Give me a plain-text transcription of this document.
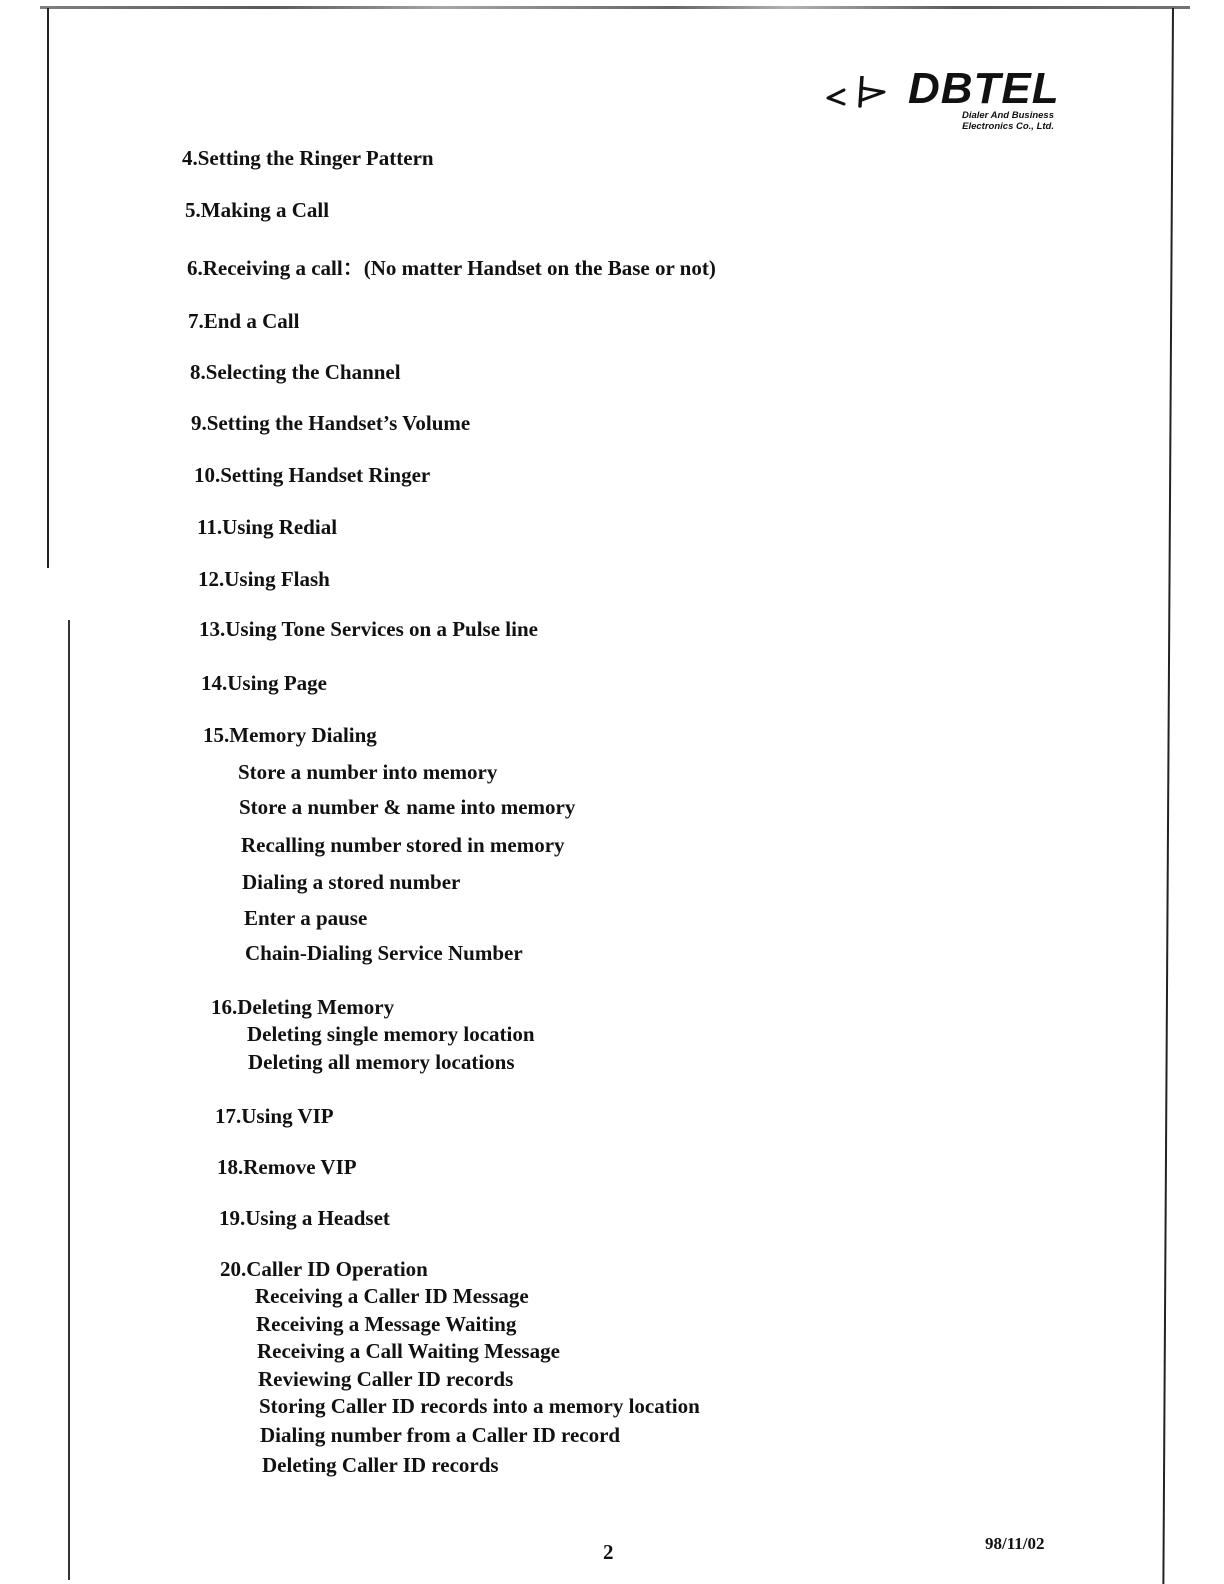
DBTEL
Dialer And Business
Electronics Co., Ltd.
4.Setting the Ringer Pattern
5.Making a Call
6.Receiving a call：(No matter Handset on the Base or not)
7.End a Call
8.Selecting the Channel
9.Setting the Handset’s Volume
10.Setting Handset Ringer
11.Using Redial
12.Using Flash
13.Using Tone Services on a Pulse line
14.Using Page
15.Memory Dialing
Store a number into memory
Store a number & name into memory
Recalling number stored in memory
Dialing a stored number
Enter a pause
Chain-Dialing Service Number
16.Deleting Memory
Deleting single memory location
Deleting all memory locations
17.Using VIP
18.Remove VIP
19.Using a Headset
20.Caller ID Operation
Receiving a Caller ID Message
Receiving a Message Waiting
Receiving a Call Waiting Message
Reviewing Caller ID records
Storing Caller ID records into a memory location
Dialing number from a Caller ID record
Deleting Caller ID records
2	98/11/02
